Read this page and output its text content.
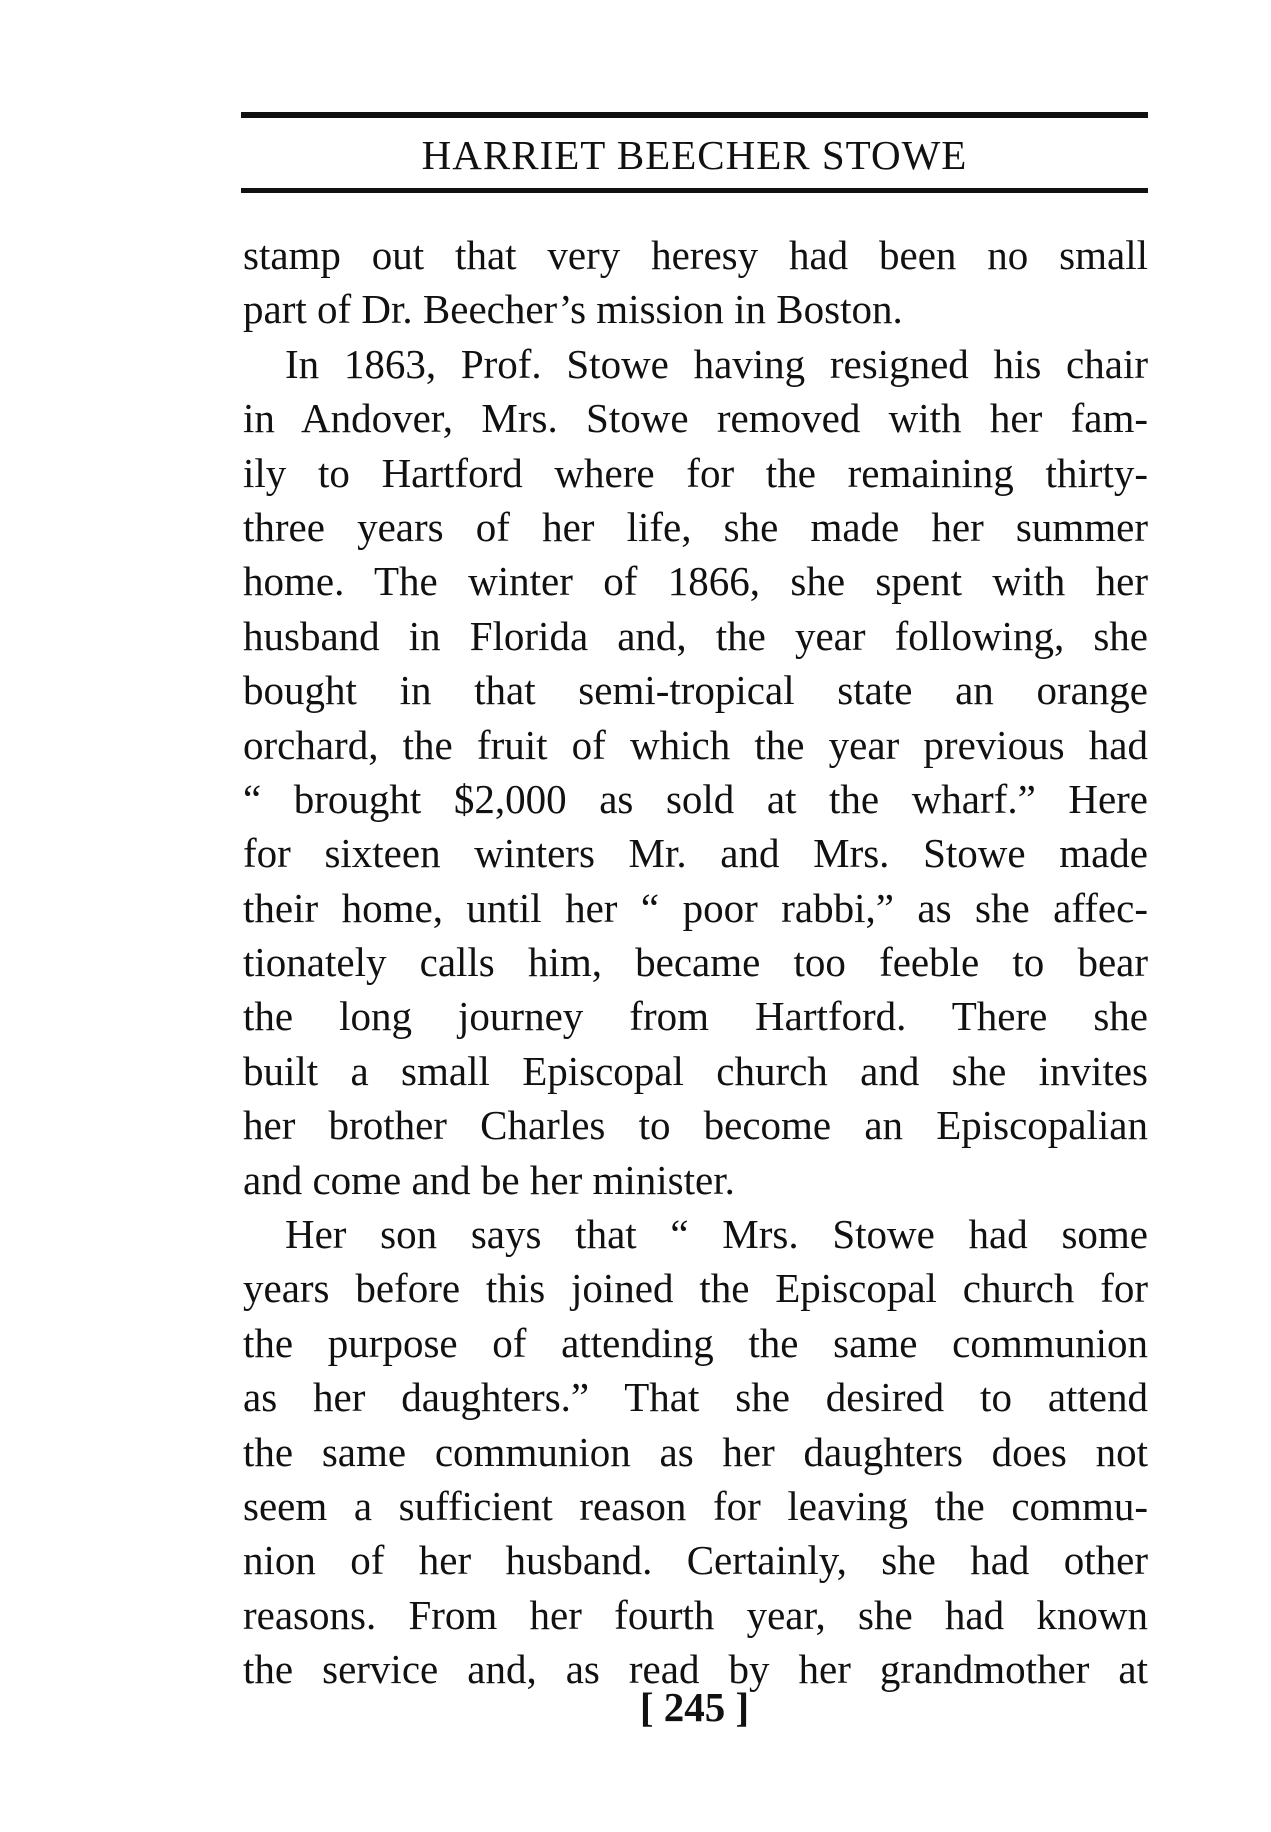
HARRIET BEECHER STOWE
stamp out that very heresy had been no small
part of Dr. Beecher’s mission in Boston.
In 1863, Prof. Stowe having resigned his chair
in Andover, Mrs. Stowe removed with her fam-
ily to Hartford where for the remaining thirty-
three years of her life, she made her summer
home. The winter of 1866, she spent with her
husband in Florida and, the year following, she
bought in that semi-tropical state an orange
orchard, the fruit of which the year previous had
“ brought $2,000 as sold at the wharf.” Here
for sixteen winters Mr. and Mrs. Stowe made
their home, until her “ poor rabbi,” as she affec-
tionately calls him, became too feeble to bear
the long journey from Hartford. There she
built a small Episcopal church and she invites
her brother Charles to become an Episcopalian
and come and be her minister.
Her son says that “ Mrs. Stowe had some
years before this joined the Episcopal church for
the purpose of attending the same communion
as her daughters.” That she desired to attend
the same communion as her daughters does not
seem a sufficient reason for leaving the commu-
nion of her husband. Certainly, she had other
reasons. From her fourth year, she had known
the service and, as read by her grandmother at
[ 245 ]
